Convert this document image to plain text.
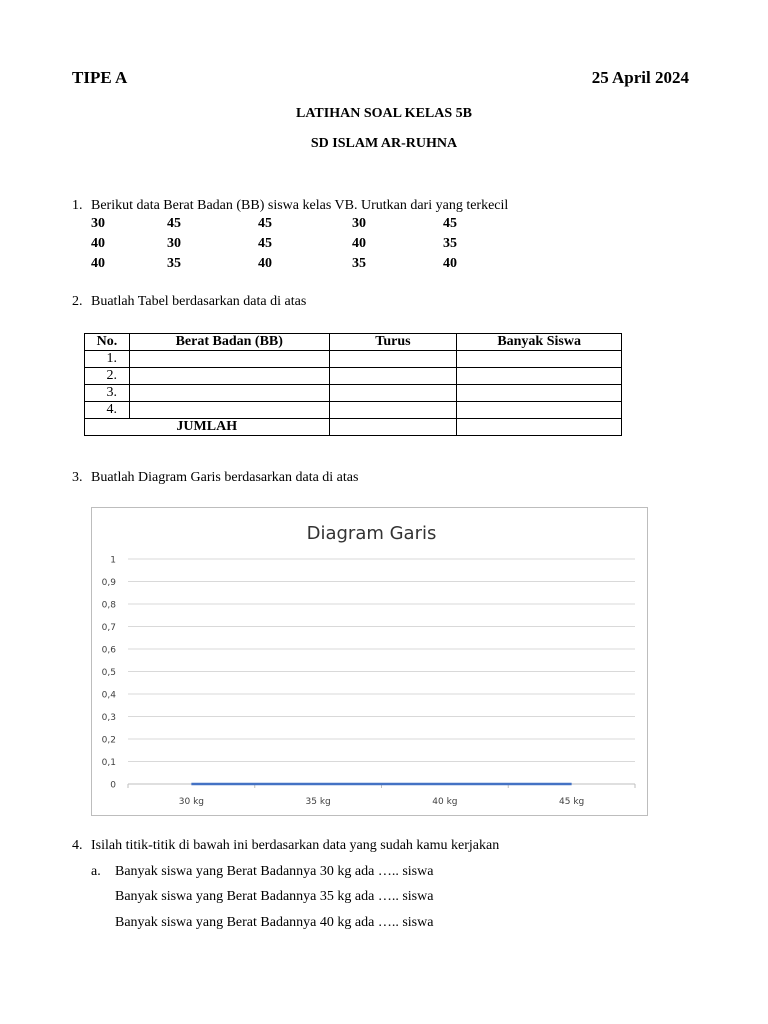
TIPE A	25 April 2024
LATIHAN SOAL KELAS 5B
SD ISLAM AR-RUHNA
1. Berikut data Berat Badan (BB) siswa kelas VB. Urutkan dari yang terkecil
30	45	45	30	45
40	30	45	40	35
40	35	40	35	40
2. Buatlah Tabel berdasarkan data di atas
No.	Berat Badan (BB)	Turus	Banyak Siswa
1.			
2.			
3.			
4.			
JUMLAH			
3. Buatlah Diagram Garis berdasarkan data di atas
Diagram Garis
0
0,1
0,2
0,3
0,4
0,5
0,6
0,7
0,8
0,9
1
30 kg	35 kg	40 kg	45 kg
4. Isilah titik-titik di bawah ini berdasarkan data yang sudah kamu kerjakan
a. Banyak siswa yang Berat Badannya 30 kg ada ….. siswa
Banyak siswa yang Berat Badannya 35 kg ada ….. siswa
Banyak siswa yang Berat Badannya 40 kg ada ….. siswa
